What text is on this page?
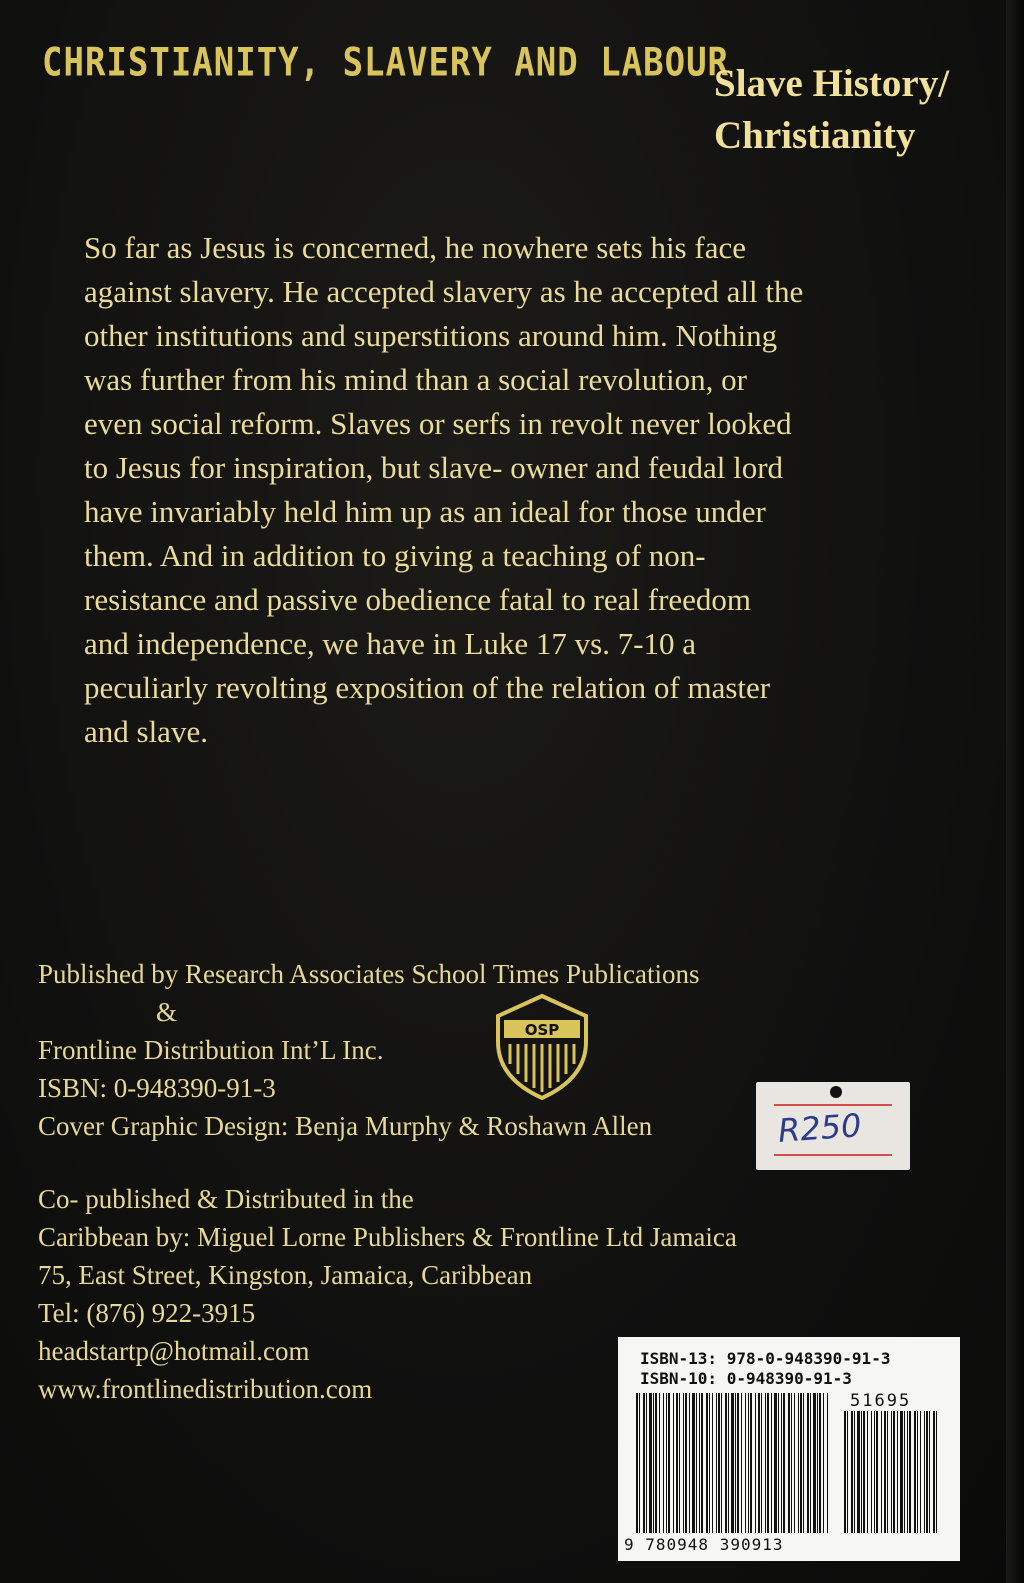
CHRISTIANITY, SLAVERY AND LABOUR
Slave History/
Christianity
So far as Jesus is concerned, he nowhere sets his face
against slavery. He accepted slavery as he accepted all the
other institutions and superstitions around him. Nothing
was further from his mind than a social revolution, or
even social reform. Slaves or serfs in revolt never looked
to Jesus for inspiration, but slave- owner and feudal lord
have invariably held him up as an ideal for those under
them. And in addition to giving a teaching of non-
resistance and passive obedience fatal to real freedom
and independence, we have in Luke 17 vs. 7-10 a
peculiarly revolting exposition of the relation of master
and slave.
Published by Research Associates School Times Publications
&
Frontline Distribution Int’L Inc.
ISBN: 0-948390-91-3
Cover Graphic Design: Benja Murphy & Roshawn Allen
OSP
R250
Co- published & Distributed in the
Caribbean by: Miguel Lorne Publishers & Frontline Ltd Jamaica
75, East Street, Kingston, Jamaica, Caribbean
Tel: (876) 922-3915
headstartp@hotmail.com
www.frontlinedistribution.com
ISBN-13: 978-0-948390-91-3
ISBN-10: 0-948390-91-3
51695
9 780948 390913
